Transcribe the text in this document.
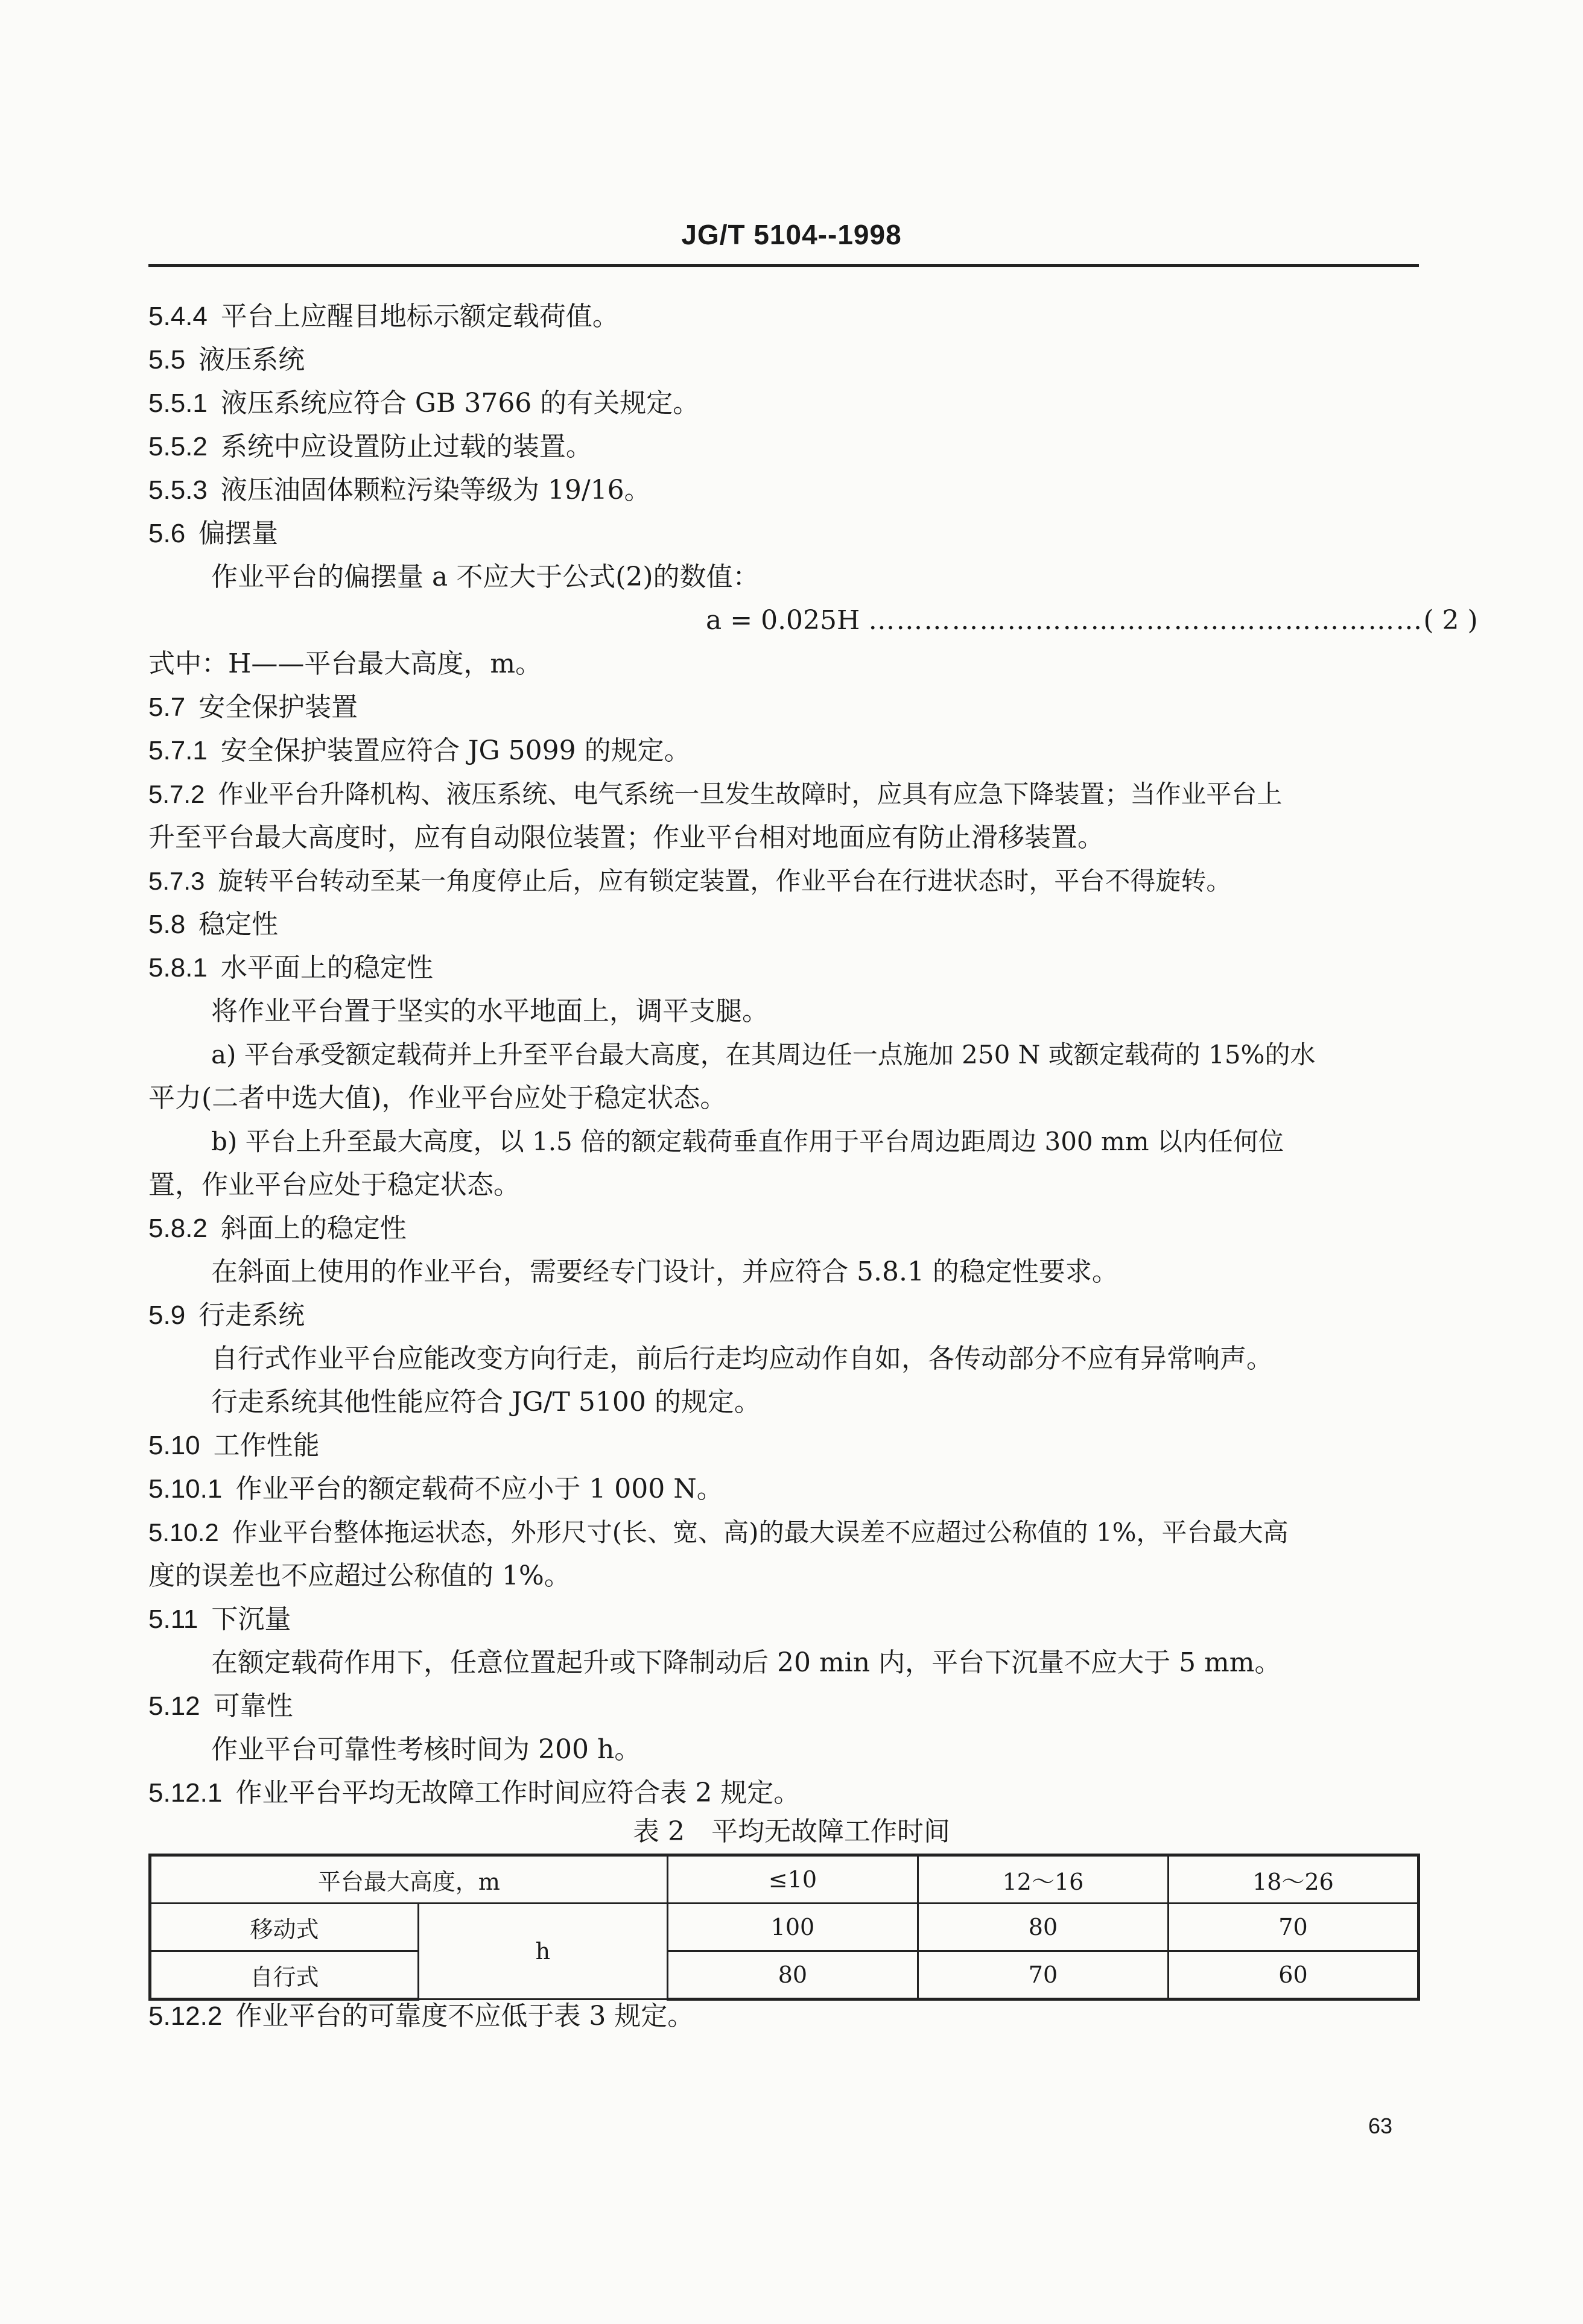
JG/T 5104--1998
5.4.4 平台上应醒目地标示额定载荷值。
5.5 液压系统
5.5.1 液压系统应符合 GB 3766 的有关规定。
5.5.2 系统中应设置防止过载的装置。
5.5.3 液压油固体颗粒污染等级为 19/16。
5.6 偏摆量
作业平台的偏摆量 a 不应大于公式(2)的数值：
a = 0.025H ……………………………………………………( 2 )
式中：H——平台最大高度，m。
5.7 安全保护装置
5.7.1 安全保护装置应符合 JG 5099 的规定。
5.7.2 作业平台升降机构、液压系统、电气系统一旦发生故障时，应具有应急下降装置；当作业平台上
升至平台最大高度时，应有自动限位装置；作业平台相对地面应有防止滑移装置。
5.7.3 旋转平台转动至某一角度停止后，应有锁定装置，作业平台在行进状态时，平台不得旋转。
5.8 稳定性
5.8.1 水平面上的稳定性
将作业平台置于坚实的水平地面上，调平支腿。
a) 平台承受额定载荷并上升至平台最大高度，在其周边任一点施加 250 N 或额定载荷的 15%的水
平力(二者中选大值)，作业平台应处于稳定状态。
b) 平台上升至最大高度，以 1.5 倍的额定载荷垂直作用于平台周边距周边 300 mm 以内任何位
置，作业平台应处于稳定状态。
5.8.2 斜面上的稳定性
在斜面上使用的作业平台，需要经专门设计，并应符合 5.8.1 的稳定性要求。
5.9 行走系统
自行式作业平台应能改变方向行走，前后行走均应动作自如，各传动部分不应有异常响声。
行走系统其他性能应符合 JG/T 5100 的规定。
5.10 工作性能
5.10.1 作业平台的额定载荷不应小于 1 000 N。
5.10.2 作业平台整体拖运状态，外形尺寸(长、宽、高)的最大误差不应超过公称值的 1%，平台最大高
度的误差也不应超过公称值的 1%。
5.11 下沉量
在额定载荷作用下，任意位置起升或下降制动后 20 min 内，平台下沉量不应大于 5 mm。
5.12 可靠性
作业平台可靠性考核时间为 200 h。
5.12.1 作业平台平均无故障工作时间应符合表 2 规定。
表 2　平均无故障工作时间
平台最大高度，m		≤10	12～16	18～26
移动式	h	100	80	70
自行式		80	70	60
5.12.2 作业平台的可靠度不应低于表 3 规定。
63
